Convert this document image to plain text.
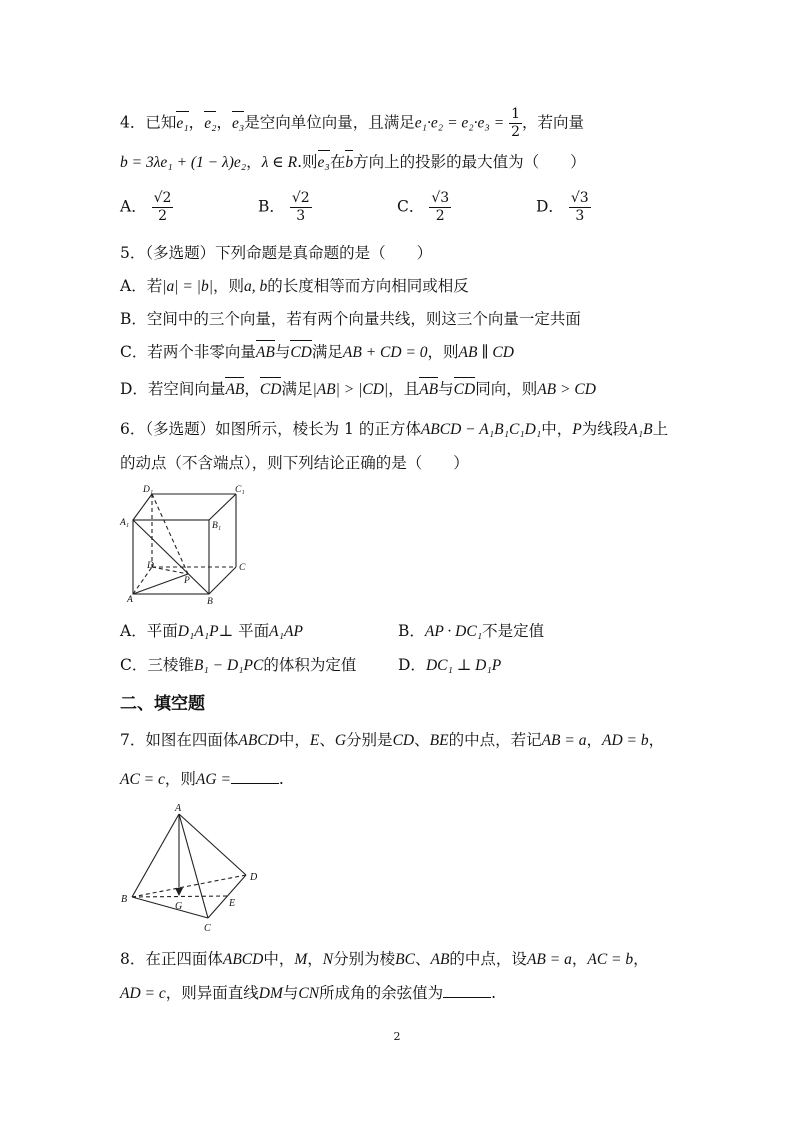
4．已知e₁，e₂，e₃是空向单位向量，且满足$e_1\cdot e_2 = e_2\cdot e_3 = \frac{1}{2}$ ，若向量
b = 3λe₁ + (1 − λ)e₂，λ ∈ R.则e₃在b方向上的投影的最大值为（　　）
A． $\frac{√2}{2}$	B． $\frac{√2}{3}$	C． $\frac{√3}{2}$	D． $\frac{√3}{3}$
5．（多选题）下列命题是真命题的是（　　）
A．若|a| = |b|，则a, b的长度相等而方向相同或相反
B．空间中的三个向量，若有两个向量共线，则这三个向量一定共面
C．若两个非零向量AB与CD满足AB + CD = 0，则AB ∥ CD
D．若空间向量AB，CD满足|AB| > |CD|，且AB与CD同向，则AB > CD
6．（多选题）如图所示，棱长为 1 的正方体ABCD − A₁B₁C₁D₁中，P为线段A₁B上
的动点（不含端点），则下列结论正确的是（　　）
D₁	C₁
A₁	B₁
D	C
P
A	B
A．平面D₁A₁P⊥ 平面A₁AP	B．AP · DC₁不是定值
C．三棱锥B₁ − D₁PC的体积为定值	D．DC₁ ⊥ D₁P
二、填空题
7．如图在四面体ABCD中，E、G分别是CD、BE的中点，若记AB = a，AD = b，
AC = c，则AG =	.
A
D
B
G	E
C
8．在正四面体ABCD中，M，N分别为棱BC、AB的中点，设AB = a，AC = b，
AD = c，则异面直线DM与CN所成角的余弦值为	.
2
